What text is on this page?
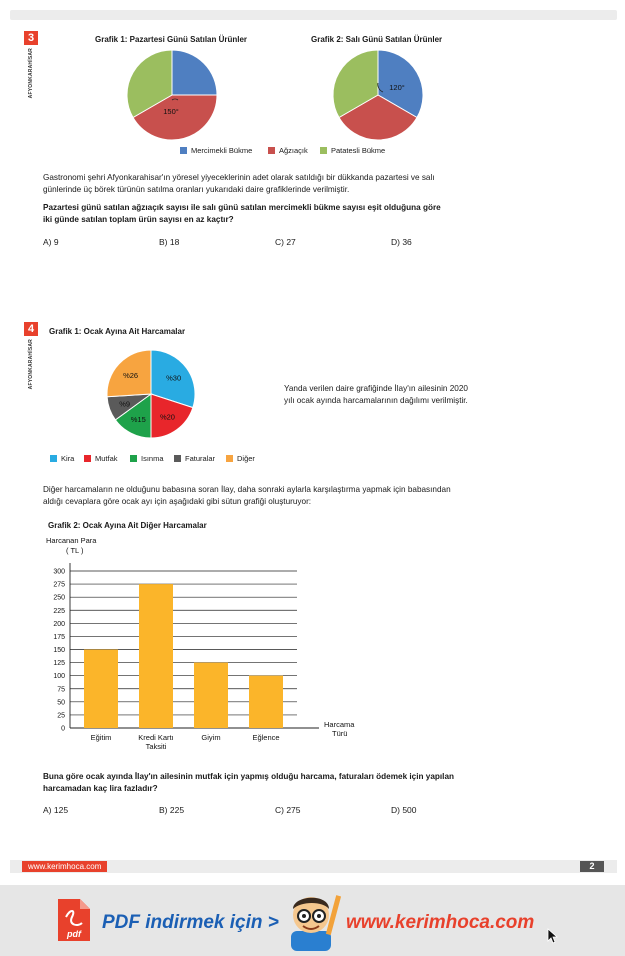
3
AFYONKARAHİSAR
Grafik 1: Pazartesi Günü Satılan Ürünler	Grafik 2: Salı Günü Satılan Ürünler
150°
120°
Mercimekli Bükme	Ağzıaçık	Patatesli Bükme
Gastronomi şehri Afyonkarahisar'ın yöresel yiyeceklerinin adet olarak satıldığı bir dükkanda pazartesi ve salı
günlerinde üç börek türünün satılma oranları yukarıdaki daire grafiklerinde verilmiştir.
Pazartesi günü satılan ağzıaçık sayısı ile salı günü satılan mercimekli bükme sayısı eşit olduğuna göre
iki günde satılan toplam ürün sayısı en az kaçtır?
A) 9	B) 18	C) 27	D) 36
4
AFYONKARAHİSAR
Grafik 1: Ocak Ayına Ait Harcamalar
%30
%20
%15
%9
%26
Yanda verilen daire grafiğinde İlay'ın ailesinin 2020
yılı ocak ayında harcamalarının dağılımı verilmiştir.
Kira	Mutfak	Isınma	Faturalar	Diğer
Diğer harcamaların ne olduğunu babasına soran İlay, daha sonraki aylarla karşılaştırma yapmak için babasından
aldığı cevaplara göre ocak ayı için aşağıdaki gibi sütun grafiği oluşturuyor:
Grafik 2: Ocak Ayına Ait Diğer Harcamalar
Harcanan Para
( TL )
Harcama
Türü
0
25
50
75
100
125
150
175
200
225
250
275
300
Eğitim	Kredi Kartı
Taksiti
Giyim	Eğlence
Buna göre ocak ayında İlay'ın ailesinin mutfak için yapmış olduğu harcama, faturaları ödemek için yapılan
harcamadan kaç lira fazladır?
A) 125	B) 225	C) 275	D) 500
www.kerimhoca.com	2
pdf
PDF indirmek için >	www.kerimhoca.com
